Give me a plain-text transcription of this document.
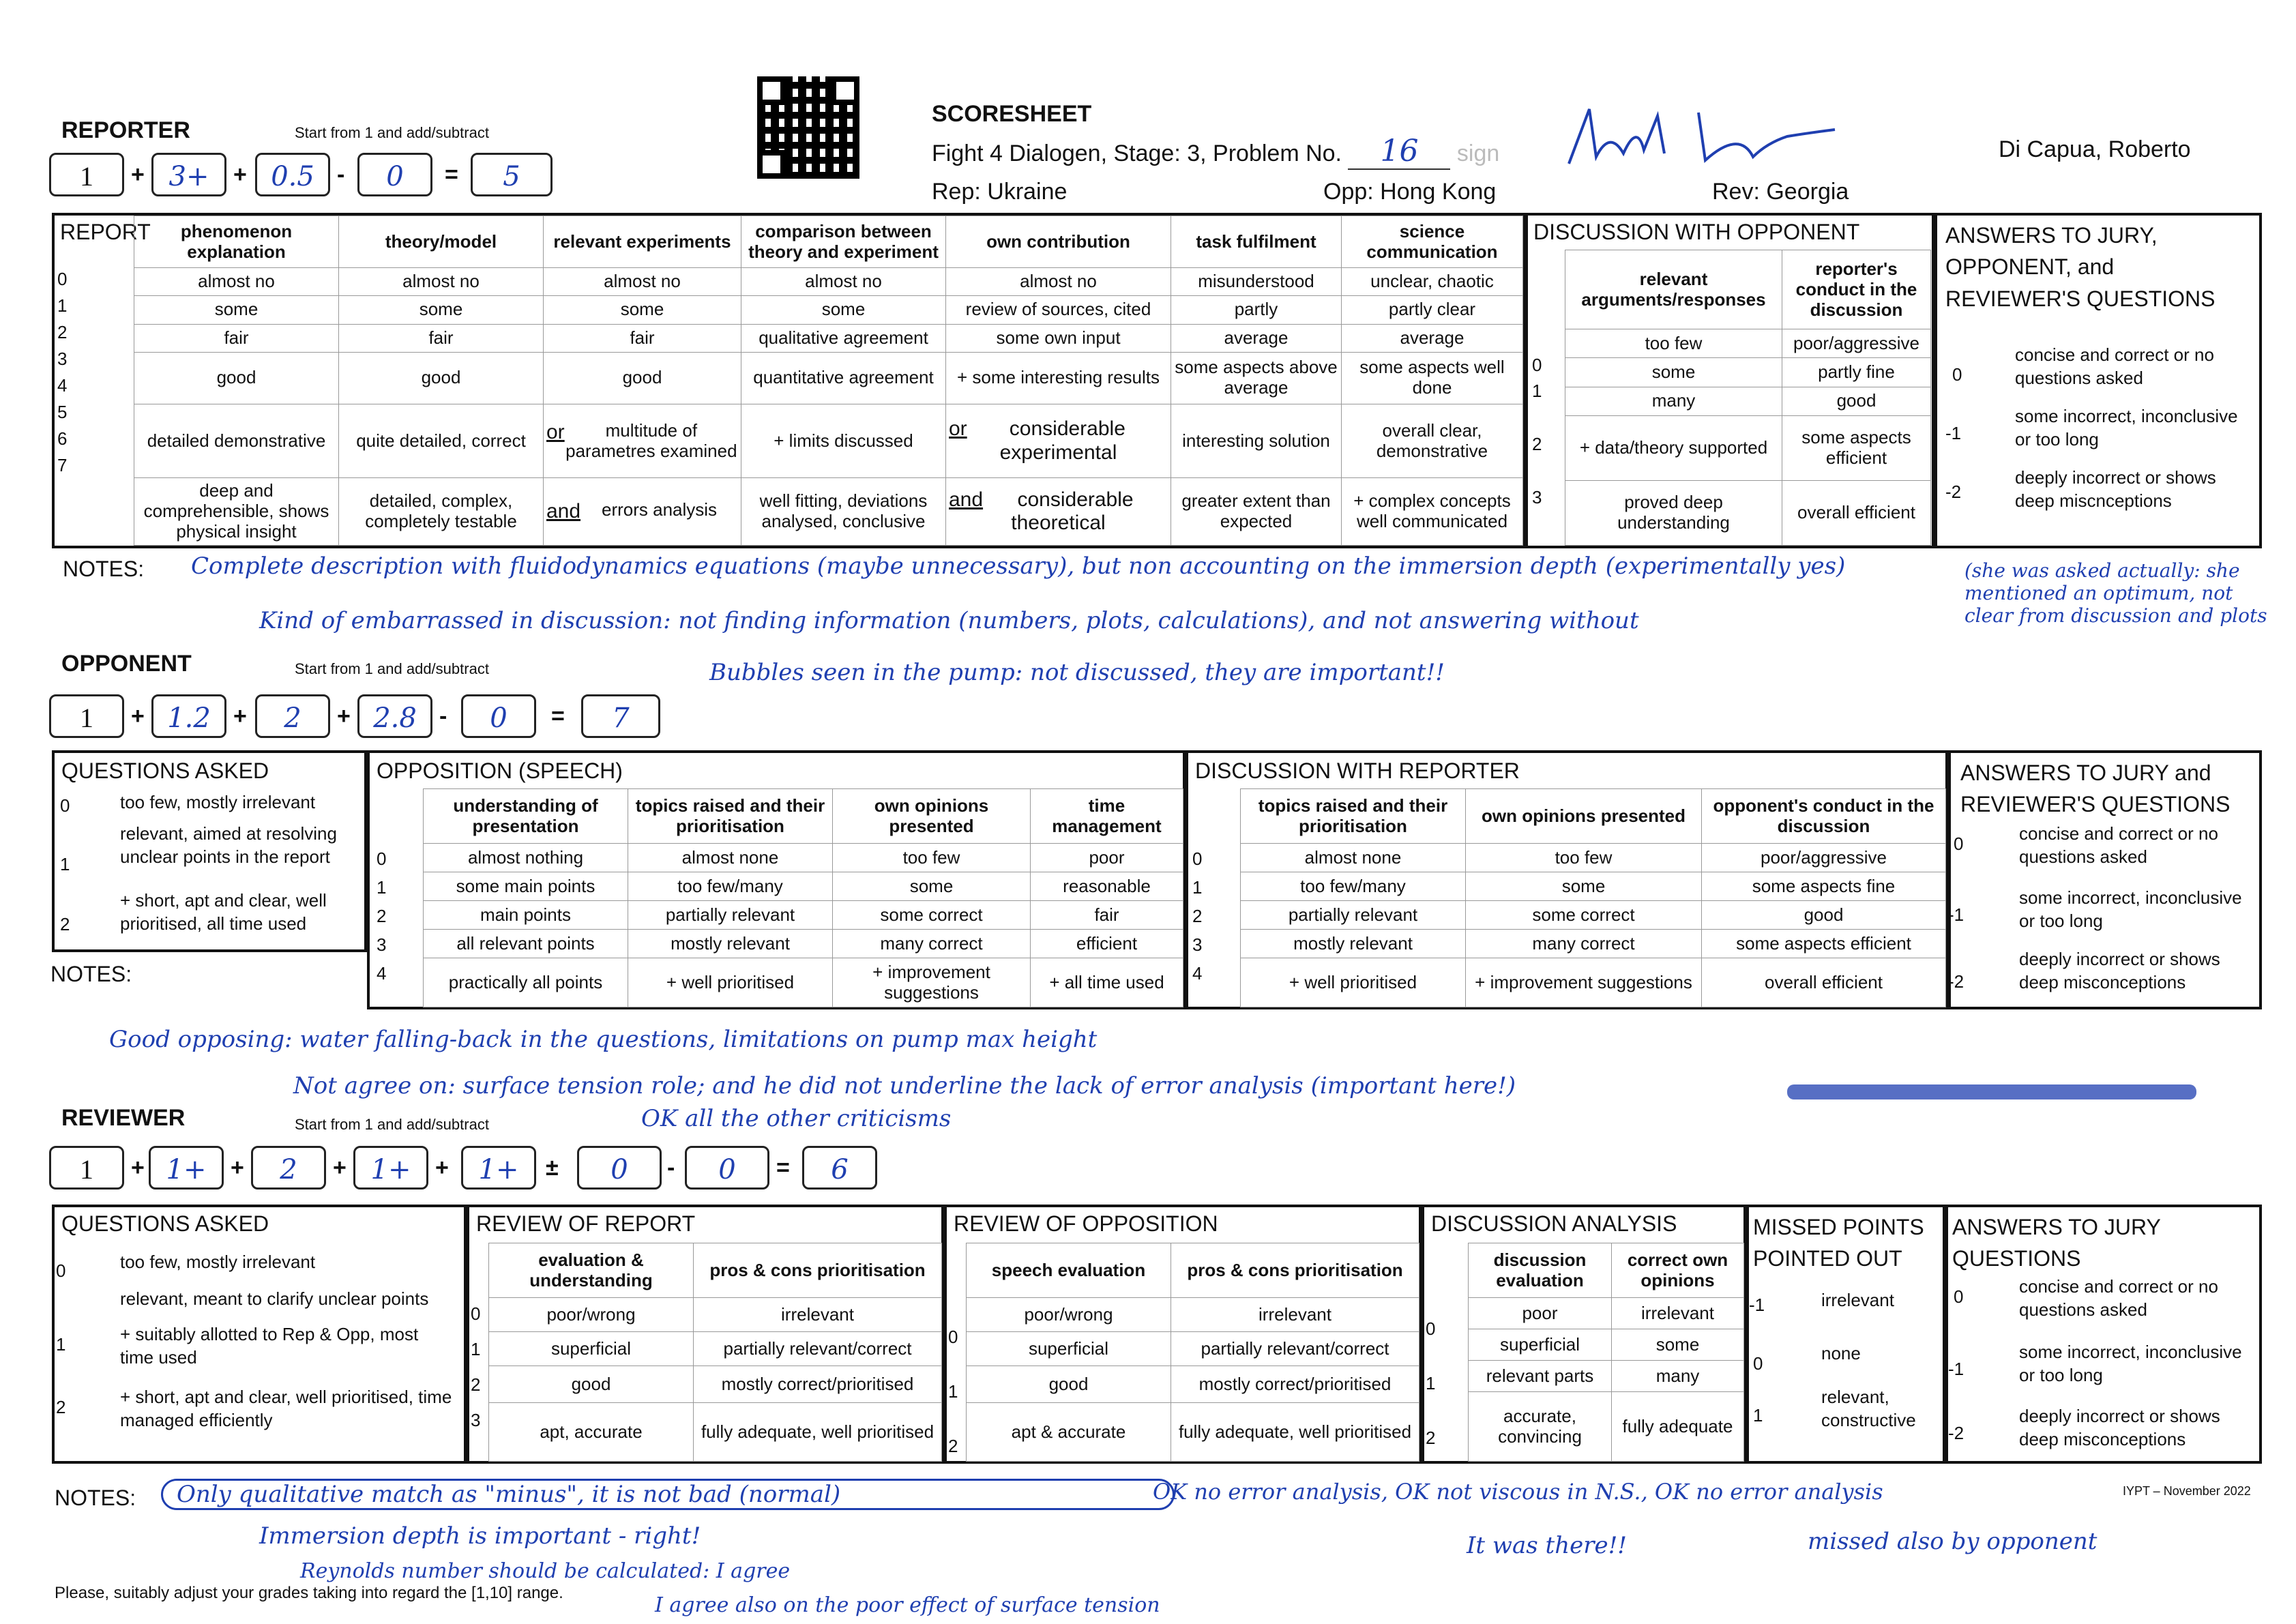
SCORESHEET
Fight 4 Dialogen, Stage: 3, Problem No. 16 sign	Di Capua, Roberto
Rep: Ukraine	Opp: Hong Kong	Rev: Georgia
REPORTER	Start from 1 and add/subtract
1	+ 3+	+ 0.5 -	0	=	5
REPORT
0
1
2
3
4
5
6
7
phenomenon explanation	theory/model	relevant experiments	comparison between theory and experiment	own contribution	task fulfilment	science communication
almost no	almost no	almost no	almost no	almost no	misunderstood	unclear, chaotic
some	some	some	some	review of sources, cited	partly	partly clear
fair	fair	fair	qualitative agreement	some own input	average	average
good	good	good	quantitative agreement	+ some interesting results	some aspects above average	some aspects well done
detailed demonstrative	quite detailed, correct	or multitude of parametres examined	+ limits discussed	or considerable experimental	interesting solution	overall clear, demonstrative
deep and comprehensible, shows physical insight	detailed, complex, completely testable	and errors analysis	well fitting, deviations analysed, conclusive	and considerable theoretical	greater extent than expected	+ complex concepts well communicated
DISCUSSION WITH OPPONENT
0
1
2
3
relevant arguments/responses	reporter's conduct in the discussion
too few	poor/aggressive
some	partly fine
many	good
+ data/theory supported	some aspects efficient
proved deep understanding	overall efficient
ANSWERS TO JURY, OPPONENT, and REVIEWER'S QUESTIONS
0
concise and correct or no questions asked
-1
some incorrect, inconclusive or too long
-2
deeply incorrect or shows deep miscnceptions
NOTES: Complete description with fluidodynamics equations (maybe unnecessary), but non accounting on the immersion depth (experimentally yes)
Kind of embarrassed in discussion: not finding information (numbers, plots, calculations), and not answering without
Bubbles seen in the pump: not discussed, they are important!!
(she was asked actually: she mentioned an optimum, not clear from discussion and plots
OPPONENT	Start from 1 and add/subtract
1	+ 1.2 +	2	+ 2.8 -	0	=	7
QUESTIONS ASKED
0	too few, mostly irrelevant
1
relevant, aimed at resolving unclear points in the report
2
+ short, apt and clear, well prioritised, all time used
NOTES:
OPPOSITION (SPEECH)
0
1
2
3
4
understanding of presentation	topics raised and their prioritisation	own opinions presented	time management
almost nothing	almost none	too few	poor
some main points	too few/many	some	reasonable
main points	partially relevant	some correct	fair
all relevant points	mostly relevant	many correct	efficient
practically all points	+ well prioritised	+ improvement suggestions	+ all time used
DISCUSSION WITH REPORTER
0
1
2
3
4
topics raised and their prioritisation	own opinions presented	opponent's conduct in the discussion
almost none	too few	poor/aggressive
too few/many	some	some aspects fine
partially relevant	some correct	good
mostly relevant	many correct	some aspects efficient
+ well prioritised	+ improvement suggestions	overall efficient
ANSWERS TO JURY and REVIEWER'S QUESTIONS
0	concise and correct or no questions asked
-1
some incorrect, inconclusive or too long
-2
deeply incorrect or shows deep misconceptions
Good opposing: water falling-back in the questions, limitations on pump max height
Not agree on: surface tension role; and he did not underline the lack of error analysis (important here!)
OK all the other criticisms
REVIEWER	Start from 1 and add/subtract
1	+ 1+	+	2	+ 1+	+	1+	±	0	-	0	=	6
QUESTIONS ASKED
0	too few, mostly irrelevant
relevant, meant to clarify unclear points
1	+ suitably allotted to Rep & Opp, most time used
2	+ short, apt and clear, well prioritised, time managed efficiently
REVIEW OF REPORT
0
1
2
3
evaluation & understanding	pros & cons prioritisation
poor/wrong	irrelevant
superficial	partially relevant/correct
good	mostly correct/prioritised
apt, accurate	fully adequate, well prioritised
REVIEW OF OPPOSITION
0
1
2
speech evaluation	pros & cons prioritisation
poor/wrong	irrelevant
superficial	partially relevant/correct
good	mostly correct/prioritised
apt & accurate	fully adequate, well prioritised
DISCUSSION ANALYSIS
0
1
2
discussion evaluation	correct own opinions
poor	irrelevant
superficial	some
relevant parts	many
accurate, convincing	fully adequate
MISSED POINTS POINTED OUT
-1	irrelevant
0	none
1
relevant, constructive
ANSWERS TO JURY QUESTIONS
0	concise and correct or no questions asked
-1
some incorrect, inconclusive or too long
-2
deeply incorrect or shows deep misconceptions
NOTES:	Only qualitative match as "minus", it is not bad (normal)	OK no error analysis, OK not viscous in N.S., OK no error analysis
Immersion depth is important - right!
Reynolds number should be calculated: I agree
I agree also on the poor effect of surface tension
It was there!!	missed also by opponent
Please, suitably adjust your grades taking into regard the [1,10] range.
IYPT – November 2022
